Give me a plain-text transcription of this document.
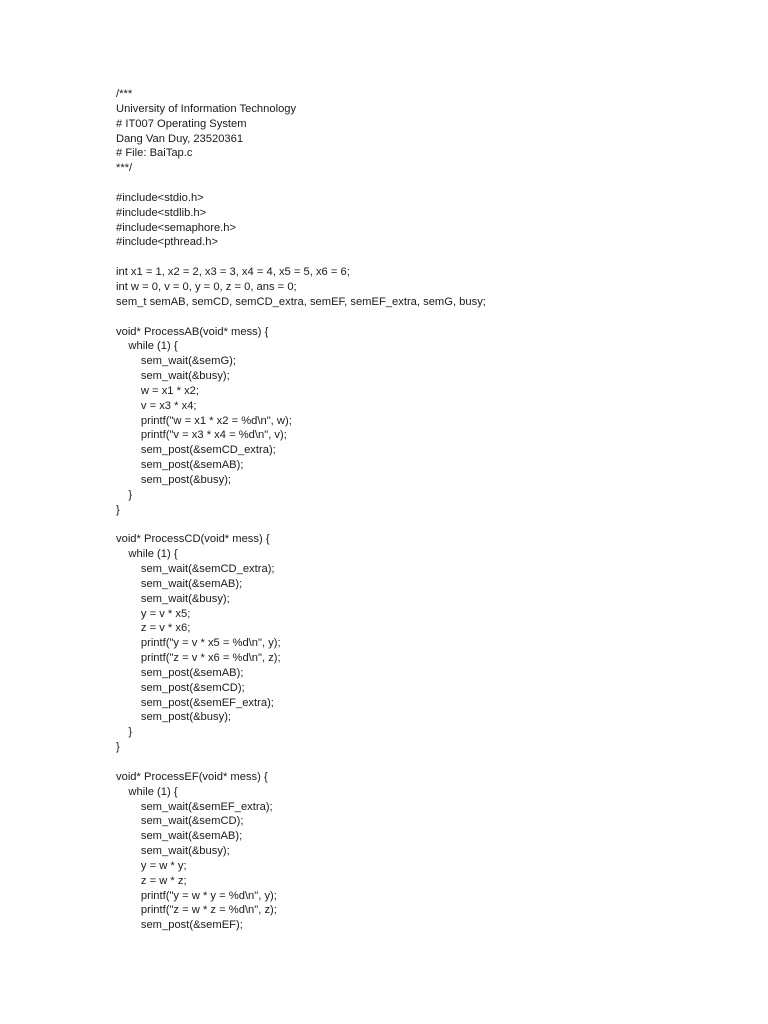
/***
University of Information Technology
# IT007 Operating System
Dang Van Duy, 23520361
# File: BaiTap.c
***/
#include<stdio.h>
#include<stdlib.h>
#include<semaphore.h>
#include<pthread.h>
int x1 = 1, x2 = 2, x3 = 3, x4 = 4, x5 = 5, x6 = 6;
int w = 0, v = 0, y = 0, z = 0, ans = 0;
sem_t semAB, semCD, semCD_extra, semEF, semEF_extra, semG, busy;
void* ProcessAB(void* mess) {
while (1) {
sem_wait(&semG);
sem_wait(&busy);
w = x1 * x2;
v = x3 * x4;
printf("w = x1 * x2 = %d\n", w);
printf("v = x3 * x4 = %d\n", v);
sem_post(&semCD_extra);
sem_post(&semAB);
sem_post(&busy);
}
}
void* ProcessCD(void* mess) {
while (1) {
sem_wait(&semCD_extra);
sem_wait(&semAB);
sem_wait(&busy);
y = v * x5;
z = v * x6;
printf("y = v * x5 = %d\n", y);
printf("z = v * x6 = %d\n", z);
sem_post(&semAB);
sem_post(&semCD);
sem_post(&semEF_extra);
sem_post(&busy);
}
}
void* ProcessEF(void* mess) {
while (1) {
sem_wait(&semEF_extra);
sem_wait(&semCD);
sem_wait(&semAB);
sem_wait(&busy);
y = w * y;
z = w * z;
printf("y = w * y = %d\n", y);
printf("z = w * z = %d\n", z);
sem_post(&semEF);
